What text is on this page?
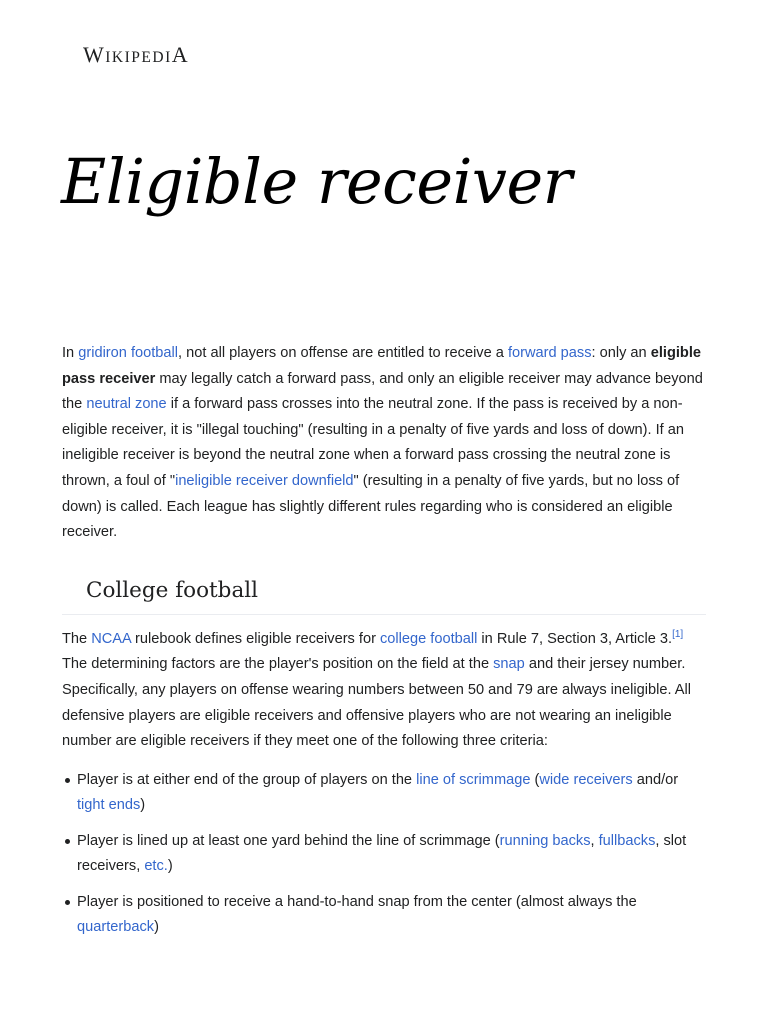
WIKIPEDIA
Eligible receiver

In gridiron football, not all players on offense are entitled to receive a forward pass: only an eligible pass receiver may legally catch a forward pass, and only an eligible receiver may advance beyond the neutral zone if a forward pass crosses into the neutral zone. If the pass is received by a non-eligible receiver, it is "illegal touching" (resulting in a penalty of five yards and loss of down). If an ineligible receiver is beyond the neutral zone when a forward pass crossing the neutral zone is thrown, a foul of "ineligible receiver downfield" (resulting in a penalty of five yards, but no loss of down) is called. Each league has slightly different rules regarding who is considered an eligible receiver.

College football

The NCAA rulebook defines eligible receivers for college football in Rule 7, Section 3, Article 3.[1] The determining factors are the player's position on the field at the snap and their jersey number. Specifically, any players on offense wearing numbers between 50 and 79 are always ineligible. All defensive players are eligible receivers and offensive players who are not wearing an ineligible number are eligible receivers if they meet one of the following three criteria:

Player is at either end of the group of players on the line of scrimmage (wide receivers and/or tight ends)
Player is lined up at least one yard behind the line of scrimmage (running backs, fullbacks, slot receivers, etc.)
Player is positioned to receive a hand-to-hand snap from the center (almost always the quarterback)
